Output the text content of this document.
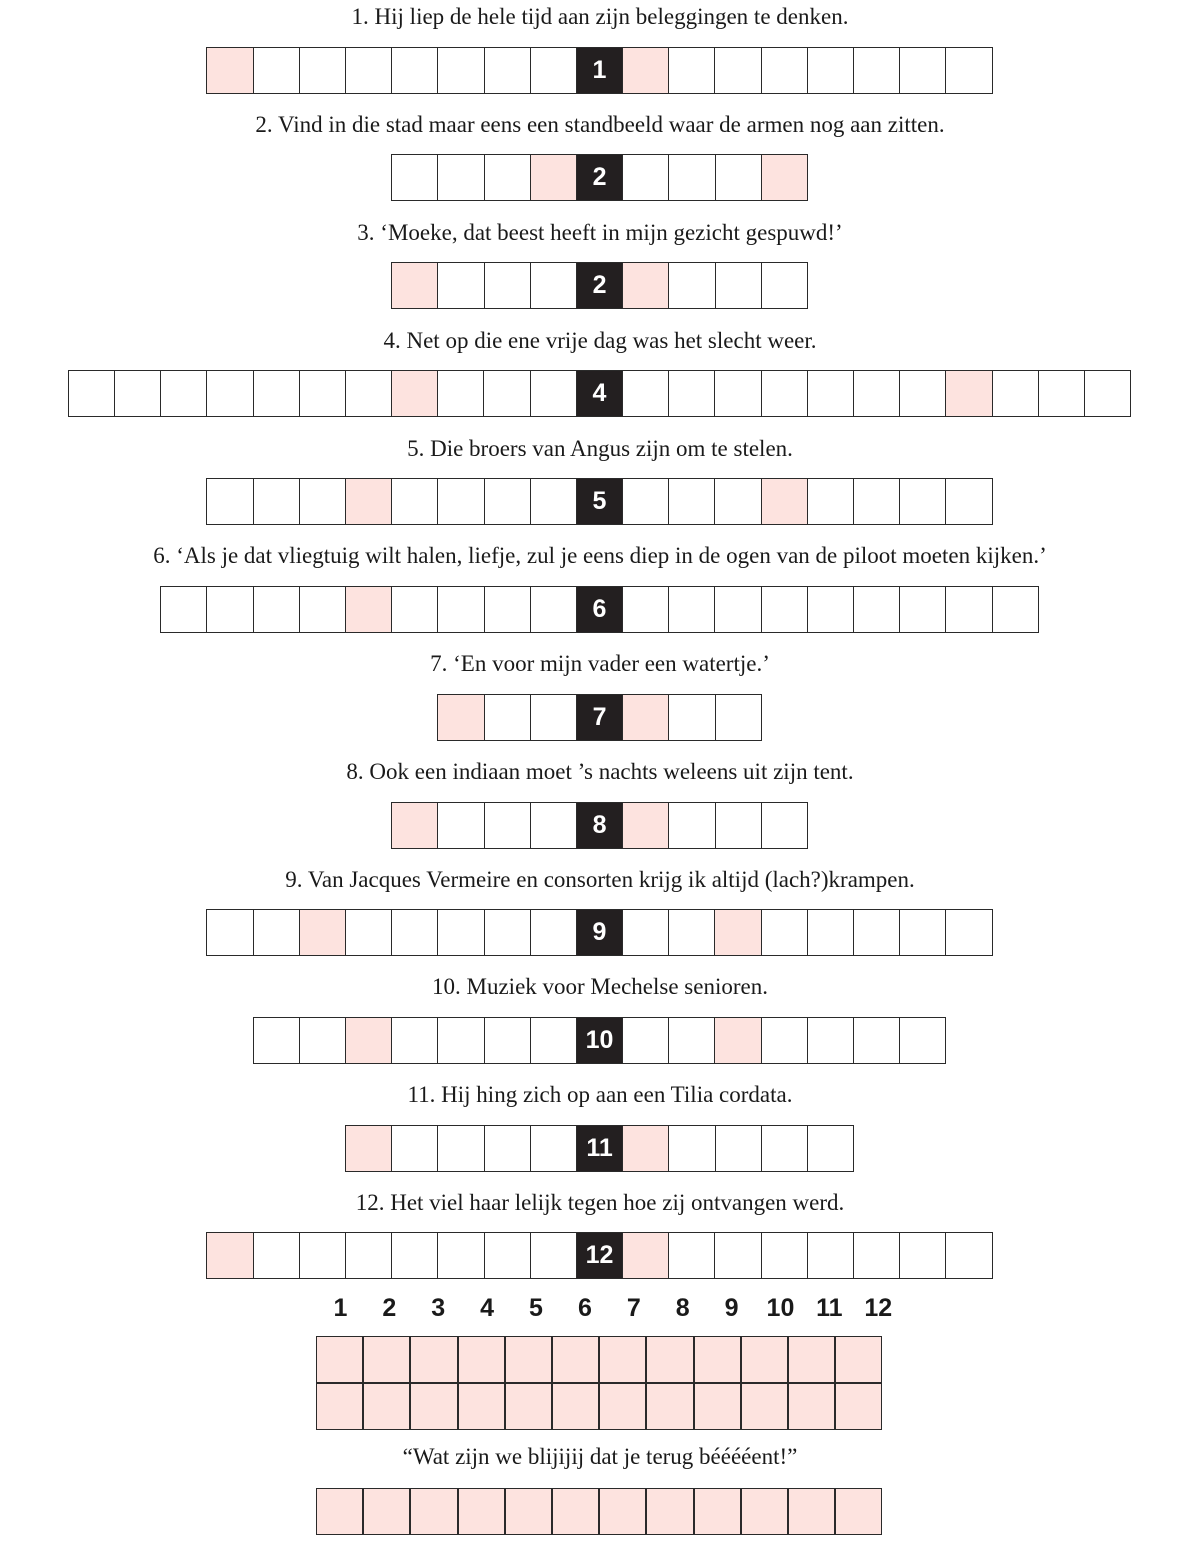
1. Hij liep de hele tijd aan zijn beleggingen te denken.
1
2. Vind in die stad maar eens een standbeeld waar de armen nog aan zitten.
2
3. ‘Moeke, dat beest heeft in mijn gezicht gespuwd!’
2
4. Net op die ene vrije dag was het slecht weer.
4
5. Die broers van Angus zijn om te stelen.
5
6. ‘Als je dat vliegtuig wilt halen, liefje, zul je eens diep in de ogen van de piloot moeten kijken.’
6
7. ‘En voor mijn vader een watertje.’
7
8. Ook een indiaan moet ’s nachts weleens uit zijn tent.
8
9. Van Jacques Vermeire en consorten krijg ik altijd (lach?)krampen.
9
10. Muziek voor Mechelse senioren.
10
11. Hij hing zich op aan een Tilia cordata.
11
12. Het viel haar lelijk tegen hoe zij ontvangen werd.
12
1	2	3	4	5	6	7	8	9	10 11 12
“Wat zijn we blijijij dat je terug bééééent!”
